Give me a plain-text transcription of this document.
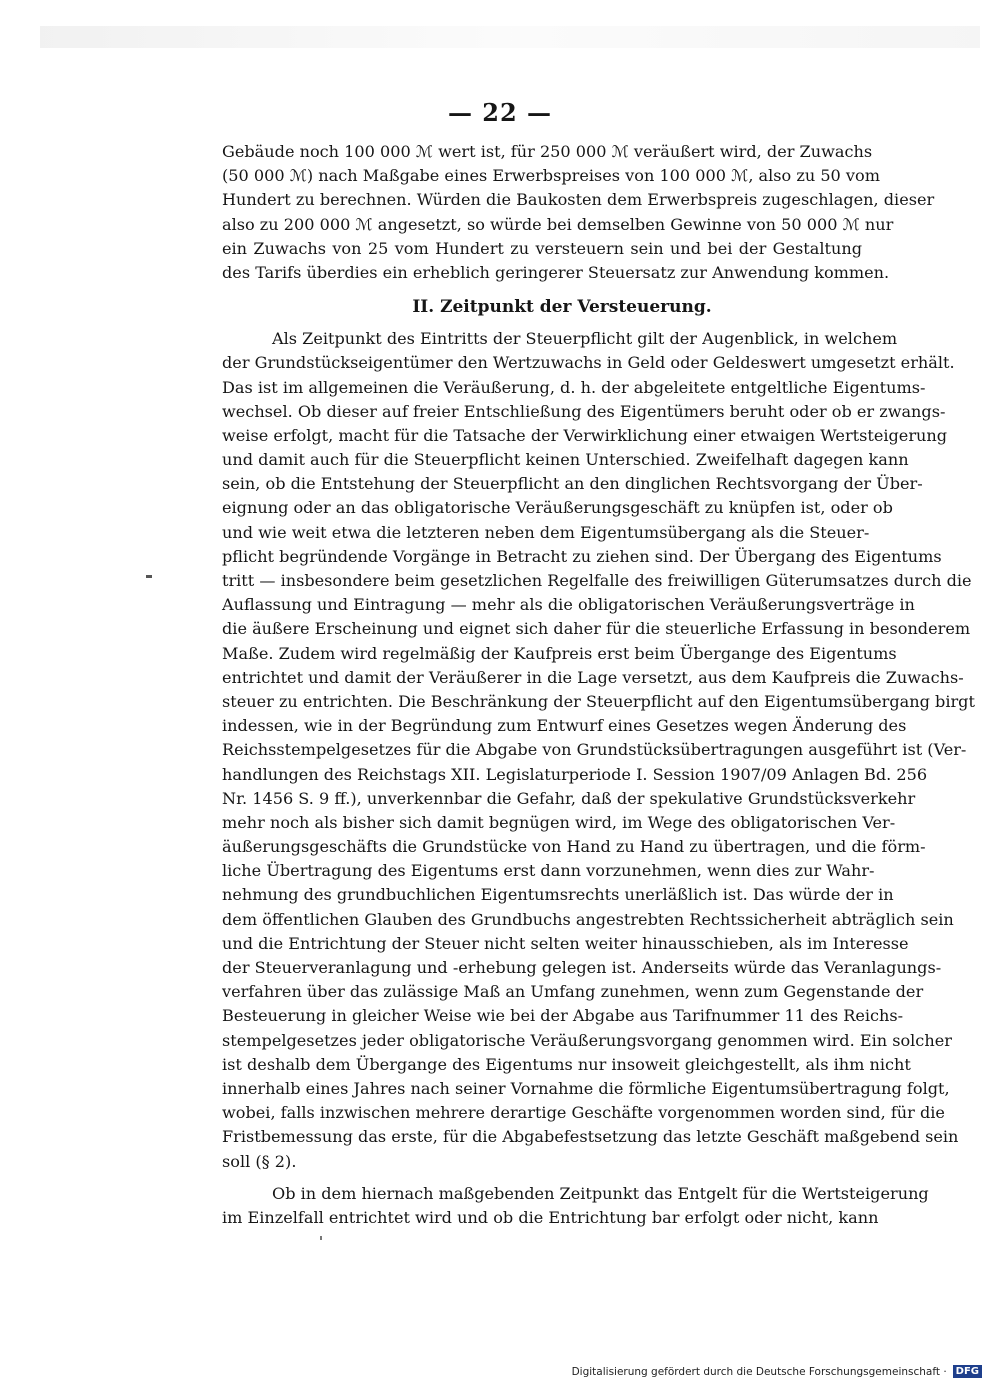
— 22 —
Gebäude noch 100 000 ℳ wert ist, für 250 000 ℳ veräußert wird, der Zuwachs
(50 000 ℳ) nach Maßgabe eines Erwerbspreises von 100 000 ℳ, also zu 50 vom
Hundert zu berechnen. Würden die Baukosten dem Erwerbspreis zugeschlagen, dieser
also zu 200 000 ℳ angesetzt, so würde bei demselben Gewinne von 50 000 ℳ nur
ein Zuwachs von 25 vom Hundert zu versteuern sein und bei der Gestaltung
des Tarifs überdies ein erheblich geringerer Steuersatz zur Anwendung kommen.
II. Zeitpunkt der Versteuerung.
Als Zeitpunkt des Eintritts der Steuerpflicht gilt der Augenblick, in welchem
der Grundstückseigentümer den Wertzuwachs in Geld oder Geldeswert umgesetzt erhält.
Das ist im allgemeinen die Veräußerung, d. h. der abgeleitete entgeltliche Eigentums-
wechsel. Ob dieser auf freier Entschließung des Eigentümers beruht oder ob er zwangs-
weise erfolgt, macht für die Tatsache der Verwirklichung einer etwaigen Wertsteigerung
und damit auch für die Steuerpflicht keinen Unterschied. Zweifelhaft dagegen kann
sein, ob die Entstehung der Steuerpflicht an den dinglichen Rechtsvorgang der Über-
eignung oder an das obligatorische Veräußerungsgeschäft zu knüpfen ist, oder ob
und wie weit etwa die letzteren neben dem Eigentumsübergang als die Steuer-
pflicht begründende Vorgänge in Betracht zu ziehen sind. Der Übergang des Eigentums
tritt — insbesondere beim gesetzlichen Regelfalle des freiwilligen Güterumsatzes durch die
Auflassung und Eintragung — mehr als die obligatorischen Veräußerungsverträge in
die äußere Erscheinung und eignet sich daher für die steuerliche Erfassung in besonderem
Maße. Zudem wird regelmäßig der Kaufpreis erst beim Übergange des Eigentums
entrichtet und damit der Veräußerer in die Lage versetzt, aus dem Kaufpreis die Zuwachs-
steuer zu entrichten. Die Beschränkung der Steuerpflicht auf den Eigentumsübergang birgt
indessen, wie in der Begründung zum Entwurf eines Gesetzes wegen Änderung des
Reichsstempelgesetzes für die Abgabe von Grundstücksübertragungen ausgeführt ist (Ver-
handlungen des Reichstags XII. Legislaturperiode I. Session 1907/09 Anlagen Bd. 256
Nr. 1456 S. 9 ff.), unverkennbar die Gefahr, daß der spekulative Grundstücksverkehr
mehr noch als bisher sich damit begnügen wird, im Wege des obligatorischen Ver-
äußerungsgeschäfts die Grundstücke von Hand zu Hand zu übertragen, und die förm-
liche Übertragung des Eigentums erst dann vorzunehmen, wenn dies zur Wahr-
nehmung des grundbuchlichen Eigentumsrechts unerläßlich ist. Das würde der in
dem öffentlichen Glauben des Grundbuchs angestrebten Rechtssicherheit abträglich sein
und die Entrichtung der Steuer nicht selten weiter hinausschieben, als im Interesse
der Steuerveranlagung und -erhebung gelegen ist. Anderseits würde das Veranlagungs-
verfahren über das zulässige Maß an Umfang zunehmen, wenn zum Gegenstande der
Besteuerung in gleicher Weise wie bei der Abgabe aus Tarifnummer 11 des Reichs-
stempelgesetzes jeder obligatorische Veräußerungsvorgang genommen wird. Ein solcher
ist deshalb dem Übergange des Eigentums nur insoweit gleichgestellt, als ihm nicht
innerhalb eines Jahres nach seiner Vornahme die förmliche Eigentumsübertragung folgt,
wobei, falls inzwischen mehrere derartige Geschäfte vorgenommen worden sind, für die
Fristbemessung das erste, für die Abgabefestsetzung das letzte Geschäft maßgebend sein
soll (§ 2).
Ob in dem hiernach maßgebenden Zeitpunkt das Entgelt für die Wertsteigerung
im Einzelfall entrichtet wird und ob die Entrichtung bar erfolgt oder nicht, kann
Digitalisierung gefördert durch die Deutsche Forschungsgemeinschaft · DFG
